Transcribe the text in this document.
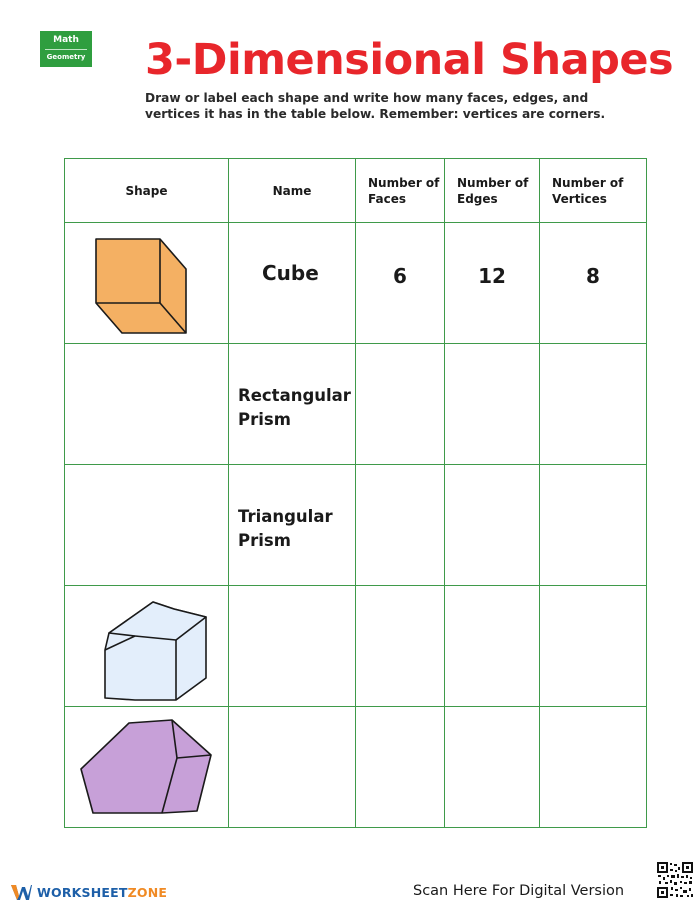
Math
Geometry 3-Dimensional Shapes
Draw or label each shape and write how many faces, edges, and vertices it has in the table below. Remember: vertices are corners.
Shape	Name	Number of Faces	Number of Edges	Number of Vertices

	Cube	6	12	8
	Rectangular Prism			
	Triangular Prism			

WORKSHEETZONE	Scan Here For Digital Version
